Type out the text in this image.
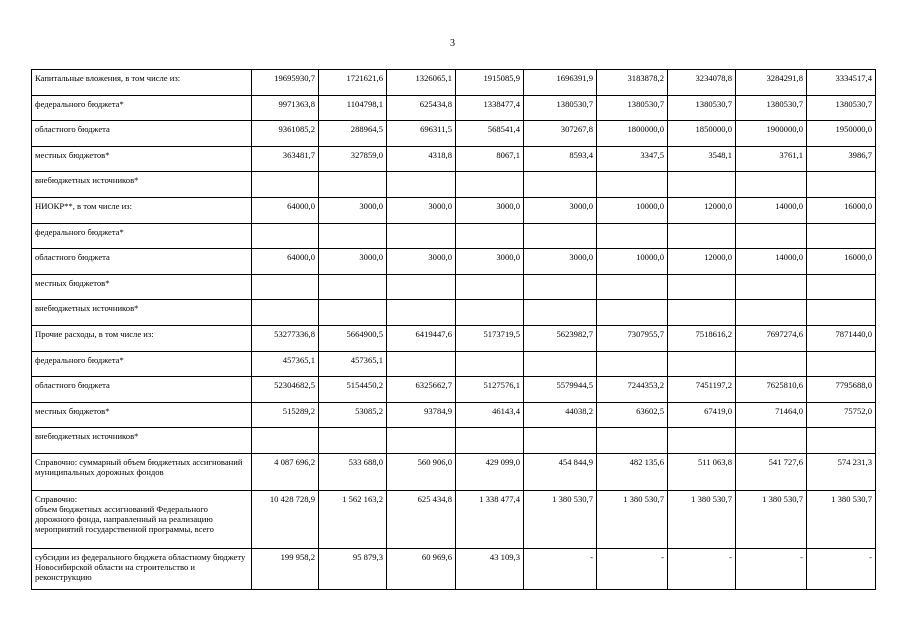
3
Капитальные вложения, в том числе из:	19695930,7	1721621,6	1326065,1	1915085,9	1696391,9	3183878,2	3234078,8	3284291,8	3334517,4
федерального бюджета*	9971363,8	1104798,1	625434,8	1338477,4	1380530,7	1380530,7	1380530,7	1380530,7	1380530,7
областного бюджета	9361085,2	288964,5	696311,5	568541,4	307267,8	1800000,0	1850000,0	1900000,0	1950000,0
местных бюджетов*	363481,7	327859,0	4318,8	8067,1	8593,4	3347,5	3548,1	3761,1	3986,7
внебюджетных источников*									
НИОКР**, в том числе из:	64000,0	3000,0	3000,0	3000,0	3000,0	10000,0	12000,0	14000,0	16000,0
федерального бюджета*									
областного бюджета	64000,0	3000,0	3000,0	3000,0	3000,0	10000,0	12000,0	14000,0	16000,0
местных бюджетов*									
внебюджетных источников*									
Прочие расходы, в том числе из:	53277336,8	5664900,5	6419447,6	5173719,5	5623982,7	7307955,7	7518616,2	7697274,6	7871440,0
федерального бюджета*	457365,1	457365,1							
областного бюджета	52304682,5	5154450,2	6325662,7	5127576,1	5579944,5	7244353,2	7451197,2	7625810,6	7795688,0
местных бюджетов*	515289,2	53085,2	93784,9	46143,4	44038,2	63602,5	67419,0	71464,0	75752,0
внебюджетных источников*									
Справочно: суммарный объем бюджетных ассигнований муниципальных дорожных фондов	4 087 696,2	533 688,0	560 906,0	429 099,0	454 844,9	482 135,6	511 063,8	541 727,6	574 231,3
Справочно:
объем бюджетных ассигнований Федерального дорожного фонда, направленный на реализацию мероприятий государственной программы, всего	10 428 728,9	1 562 163,2	625 434,8	1 338 477,4	1 380 530,7	1 380 530,7	1 380 530,7	1 380 530,7	1 380 530,7
субсидии из федерального бюджета областному бюджету Новосибирской области на строительство и реконструкцию	199 958,2	95 879,3	60 969,6	43 109,3	-	-	-	-	-
